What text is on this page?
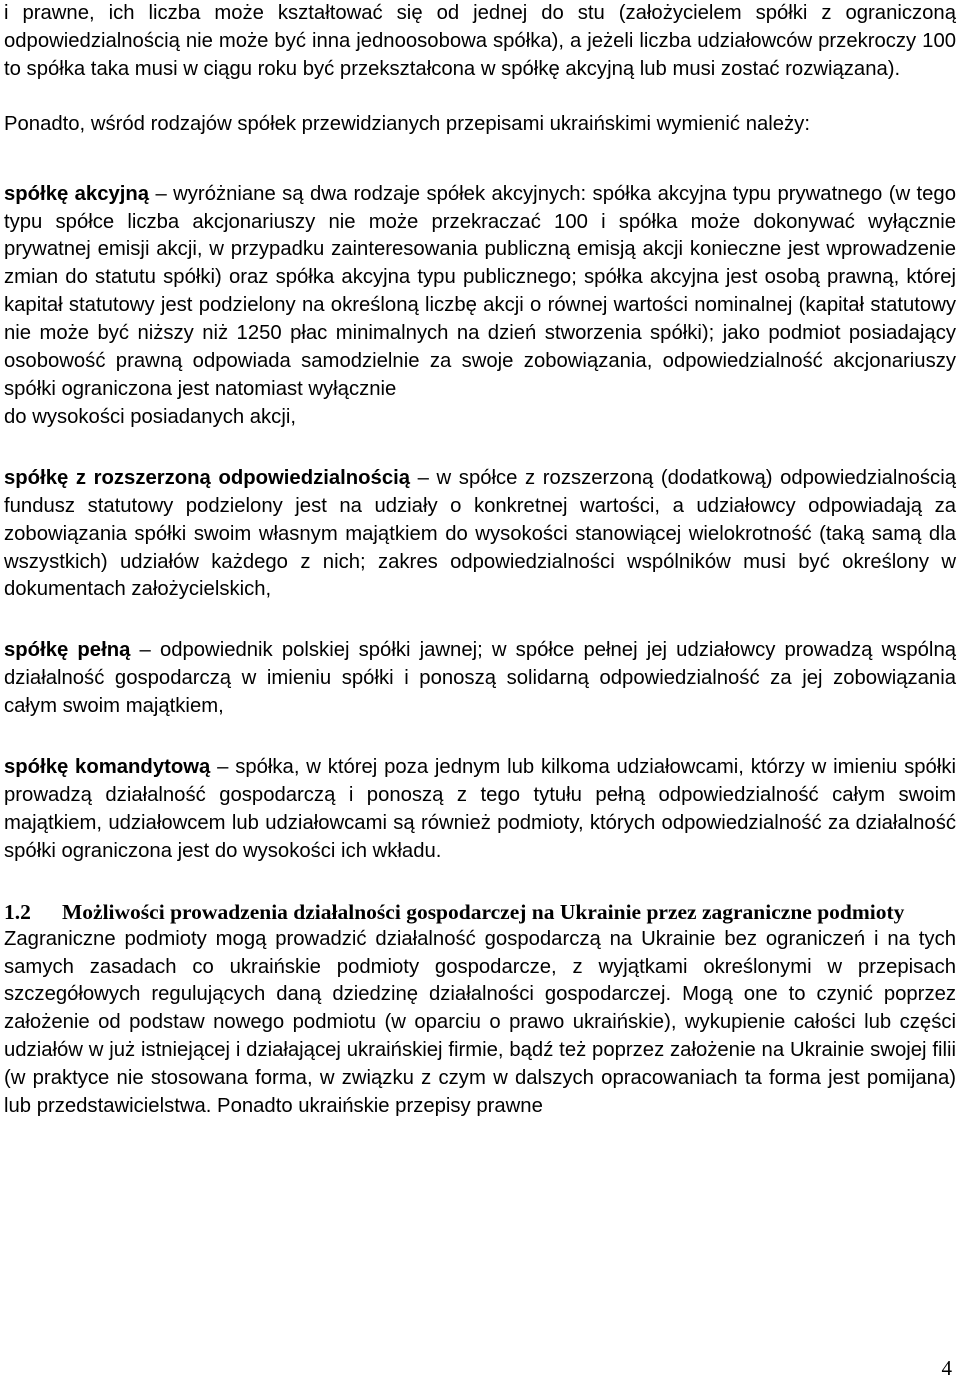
i prawne, ich liczba może kształtować się od jednej do stu (założycielem spółki z ograniczoną odpowiedzialnością nie może być inna jednoosobowa spółka), a jeżeli liczba udziałowców przekroczy 100 to spółka taka musi w ciągu roku być przekształcona w spółkę akcyjną lub musi zostać rozwiązana).

Ponadto, wśród rodzajów spółek przewidzianych przepisami ukraińskimi wymienić należy:

spółkę akcyjną – wyróżniane są dwa rodzaje spółek akcyjnych: spółka akcyjna typu prywatnego (w tego typu spółce liczba akcjonariuszy nie może przekraczać 100 i spółka może dokonywać wyłącznie prywatnej emisji akcji, w przypadku zainteresowania publiczną emisją akcji konieczne jest wprowadzenie zmian do statutu spółki) oraz spółka akcyjna typu publicznego; spółka akcyjna jest osobą prawną, której kapitał statutowy jest podzielony na określoną liczbę akcji o równej wartości nominalnej (kapitał statutowy nie może być niższy niż 1250 płac minimalnych na dzień stworzenia spółki); jako podmiot posiadający osobowość prawną odpowiada samodzielnie za swoje zobowiązania, odpowiedzialność akcjonariuszy spółki ograniczona jest natomiast wyłącznie

do wysokości posiadanych akcji,

spółkę z rozszerzoną odpowiedzialnością – w spółce z rozszerzoną (dodatkową) odpowiedzialnością fundusz statutowy podzielony jest na udziały o konkretnej wartości, a udziałowcy odpowiadają za zobowiązania spółki swoim własnym majątkiem do wysokości stanowiącej wielokrotność (taką samą dla wszystkich) udziałów każdego z nich; zakres odpowiedzialności wspólników musi być określony w dokumentach założycielskich,

spółkę pełną – odpowiednik polskiej spółki jawnej; w spółce pełnej jej udziałowcy prowadzą wspólną działalność gospodarczą w imieniu spółki i ponoszą solidarną odpowiedzialność za jej zobowiązania całym swoim majątkiem,

spółkę komandytową – spółka, w której poza jednym lub kilkoma udziałowcami, którzy w imieniu spółki prowadzą działalność gospodarczą i ponoszą z tego tytułu pełną odpowiedzialność całym swoim majątkiem, udziałowcem lub udziałowcami są również podmioty, których odpowiedzialność za działalność spółki ograniczona jest do wysokości ich wkładu.

1.2	Możliwości prowadzenia działalności gospodarczej na Ukrainie przez zagraniczne podmioty

Zagraniczne podmioty mogą prowadzić działalność gospodarczą na Ukrainie bez ograniczeń i na tych samych zasadach co ukraińskie podmioty gospodarcze, z wyjątkami określonymi w przepisach szczegółowych regulujących daną dziedzinę działalności gospodarczej. Mogą one to czynić poprzez założenie od podstaw nowego podmiotu (w oparciu o prawo ukraińskie), wykupienie całości lub części udziałów w już istniejącej i działającej ukraińskiej firmie, bądź też poprzez założenie na Ukrainie swojej filii (w praktyce nie stosowana forma, w związku z czym w dalszych opracowaniach ta forma jest pomijana) lub przedstawicielstwa. Ponadto ukraińskie przepisy prawne

4
